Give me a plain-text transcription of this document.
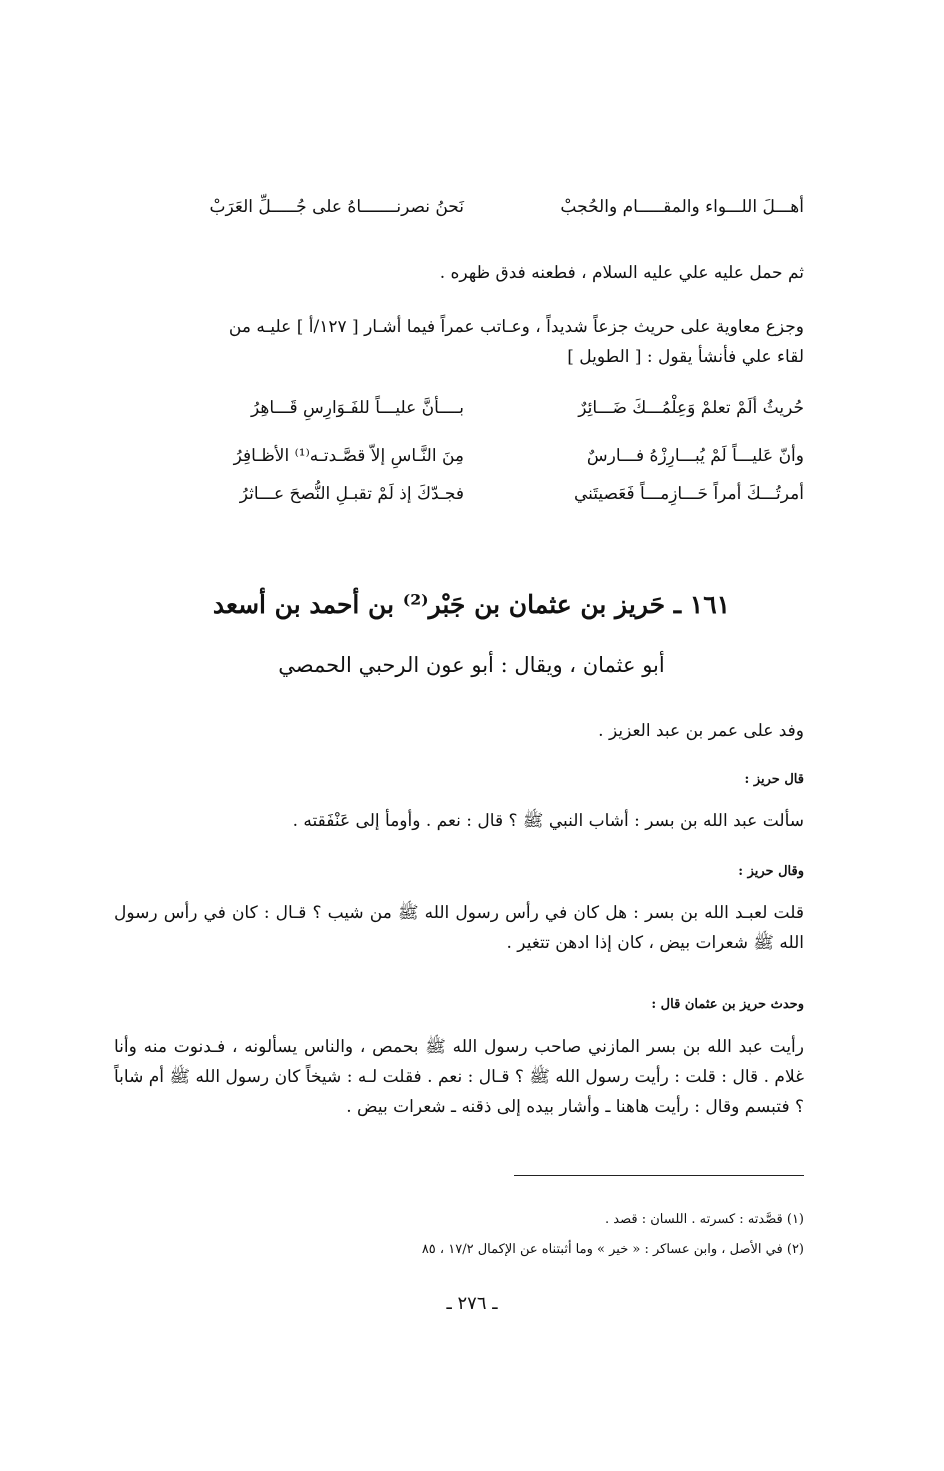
أهـــلَ اللـــواء والمقـــــام والحُجبْ
نَحنُ نصرنـــــــاهُ على جُـــــلِّ العَرَبْ
ثم حمل عليه علي عليه السلام ، فطعنه فدق ظهره .
وجزع معاوية على حريث جزعاً شديداً ، وعـاتب عمراً فيما أشـار [ ١٢٧/أ ] عليـه من
لقاء علي فأنشأ يقول : [ الطويل ]
حُريثُ ألَمْ تعلمْ وَعِلْمُـــكَ ضَـــائِرٌ
بــــأنَّ عليـــاً للفَـوَارِسِ قَـــاهِرُ
وأنّ عَليـــاً لَمْ يُبـــارِزْهُ فـــارسٌ
مِنَ النَّـاسِ إلاّ قصَّـدتـه⁽¹⁾ الأظـافِرُ
أمرتُـــكَ أمراً حَـــازِمـــاً فَعَصيتَني
فجـدّكَ إذ لَمْ تقبـلِ النُّصحَ عـــاثرُ
١٦١ ـ حَريز بن عثمان بن جَبْر⁽²⁾ بن أحمد بن أسعد
أبو عثمان ، ويقال : أبو عون الرحبي الحمصي
وفد على عمر بن عبد العزيز .
قال حريز :
سألت عبد الله بن بسر : أشاب النبي ﷺ ؟ قال : نعم . وأومأ إلى عَنْفَقته .
وقال حريز :
قلت لعبـد الله بن بسر : هل كان في رأس رسول الله ﷺ من شيب ؟ قـال : كان في رأس رسول الله ﷺ شعرات بيض ، كان إذا ادهن تتغير .
وحدث حريز بن عثمان قال :
رأيت عبد الله بن بسر المازني صاحب رسول الله ﷺ بحمص ، والناس يسألونه ، فـدنوت منه وأنا غلام . قال : قلت : رأيت رسول الله ﷺ ؟ قـال : نعم . فقلت لـه : شيخاً كان رسول الله ﷺ أم شاباً ؟ فتبسم وقال : رأيت هاهنا ـ وأشار بيده إلى ذقنه ـ شعرات بيض .
(١) قصَّدته : كسرته . اللسان : قصد .
(٢) في الأصل ، وابن عساكر : « خير » وما أثبتناه عن الإكمال ١٧/٢ ، ٨٥
ـ ٢٧٦ ـ
